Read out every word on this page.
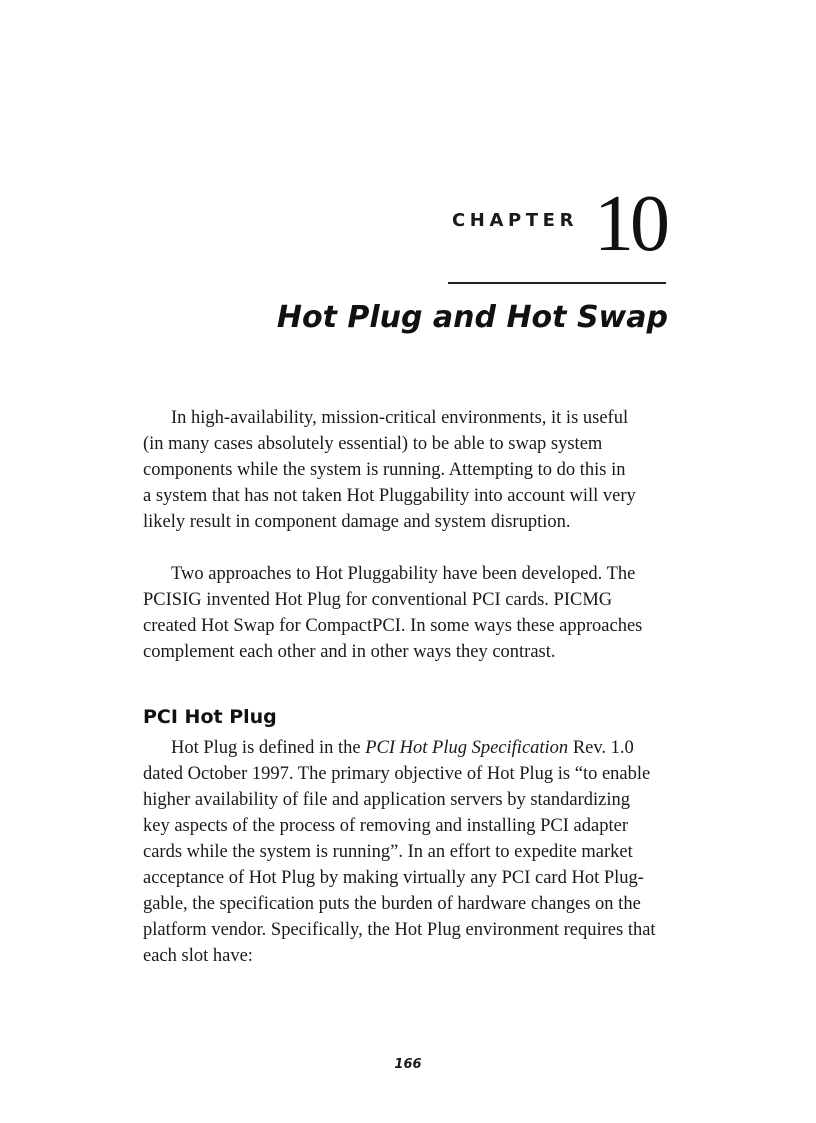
CHAPTER 10
Hot Plug and Hot Swap

In high-availability, mission-critical environments, it is useful
(in many cases absolutely essential) to be able to swap system
components while the system is running. Attempting to do this in
a system that has not taken Hot Pluggability into account will very
likely result in component damage and system disruption.

Two approaches to Hot Pluggability have been developed. The
PCISIG invented Hot Plug for conventional PCI cards. PICMG
created Hot Swap for CompactPCI. In some ways these approaches
complement each other and in other ways they contrast.

PCI Hot Plug

Hot Plug is defined in the PCI Hot Plug Specification Rev. 1.0
dated October 1997. The primary objective of Hot Plug is “to enable
higher availability of file and application servers by standardizing
key aspects of the process of removing and installing PCI adapter
cards while the system is running”. In an effort to expedite market
acceptance of Hot Plug by making virtually any PCI card Hot Plug-
gable, the specification puts the burden of hardware changes on the
platform vendor. Specifically, the Hot Plug environment requires that
each slot have:

166
